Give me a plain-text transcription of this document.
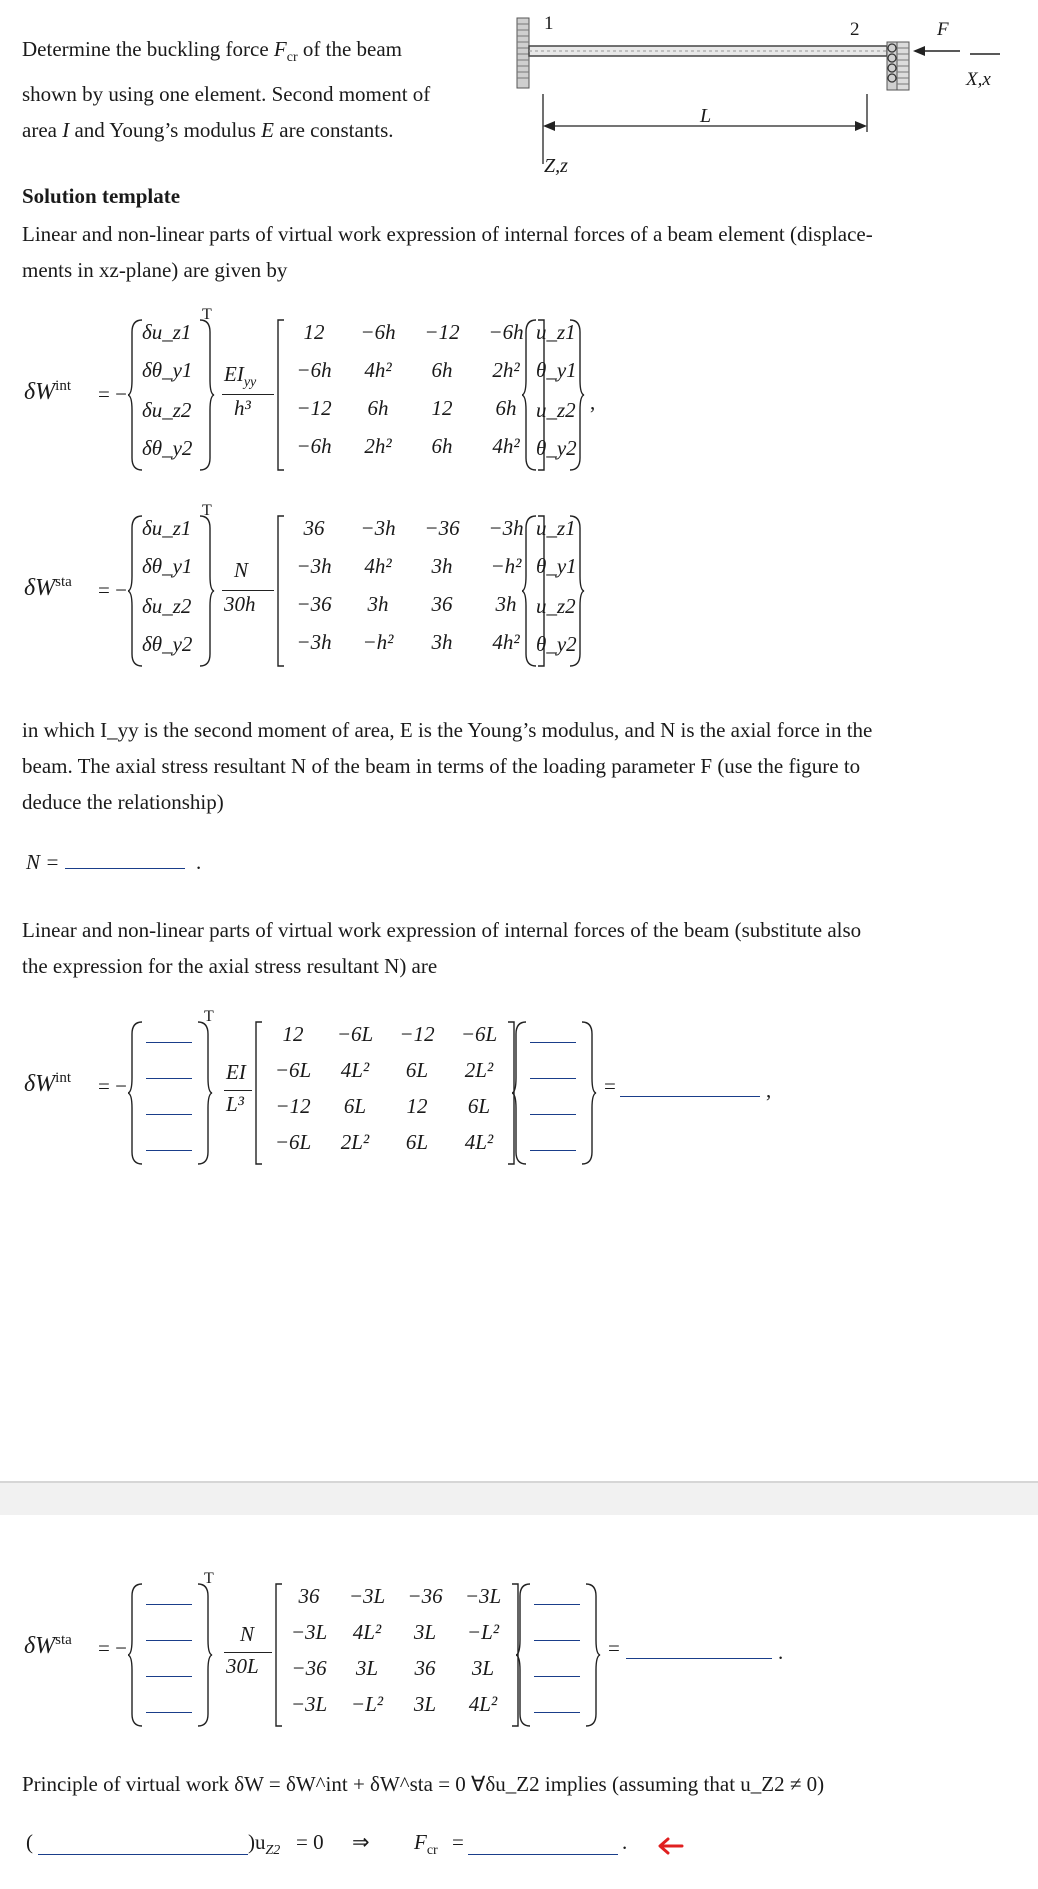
Determine the buckling force $F_{cr}$ of the beam
shown by using one element. Second moment of
area I and Young’s modulus E are constants.
1	2	F
X,x
L
Z,z
Solution template
Linear and non-linear parts of virtual work expression of internal forces of a beam element (displace-
ments in xz-plane) are given by
$\delta W^{int}$ = −
δu_z1
δθ_y1
δu_z2
δθ_y2
T
$EI_{yy}$
h³
u_z1
θ_y1
u_z2
θ_y2
,
12	−6h	−12	−6h
−6h	4h²	6h	2h²
−12	6h	12	6h
−6h	2h²	6h	4h²
$\delta W^{sta}$ = −
δu_z1
δθ_y1
δu_z2
δθ_y2
T
N
30h
u_z1
θ_y1
u_z2
θ_y2
36	−3h	−36	−3h
−3h	4h²	3h	−h²
−36	3h	36	3h
−3h	−h²	3h	4h²
in which I_yy is the second moment of area, E is the Young’s modulus, and N is the axial force in the
beam. The axial stress resultant N of the beam in terms of the loading parameter F (use the figure to
deduce the relationship)
N =	.
Linear and non-linear parts of virtual work expression of internal forces of the beam (substitute also
the expression for the axial stress resultant N) are
$\delta W^{int}$ = −
T
EI
L³
=	,
12	−6L	−12	−6L
−6L	4L²	6L	2L²
−12	6L	12	6L
−6L	2L²	6L	4L²
$\delta W^{sta}$ = −
T
N
30L
=	.
36	−3L	−36	−3L
−3L	4L²	3L	−L²
−36	3L	36	3L
−3L	−L²	3L	4L²
Principle of virtual work δW = δW^int + δW^sta = 0 ∀δu_Z2 implies (assuming that u_Z2 ≠ 0)
(	)$u_{Z2} = 0$ ⇒ $F_{cr}$ =	.
